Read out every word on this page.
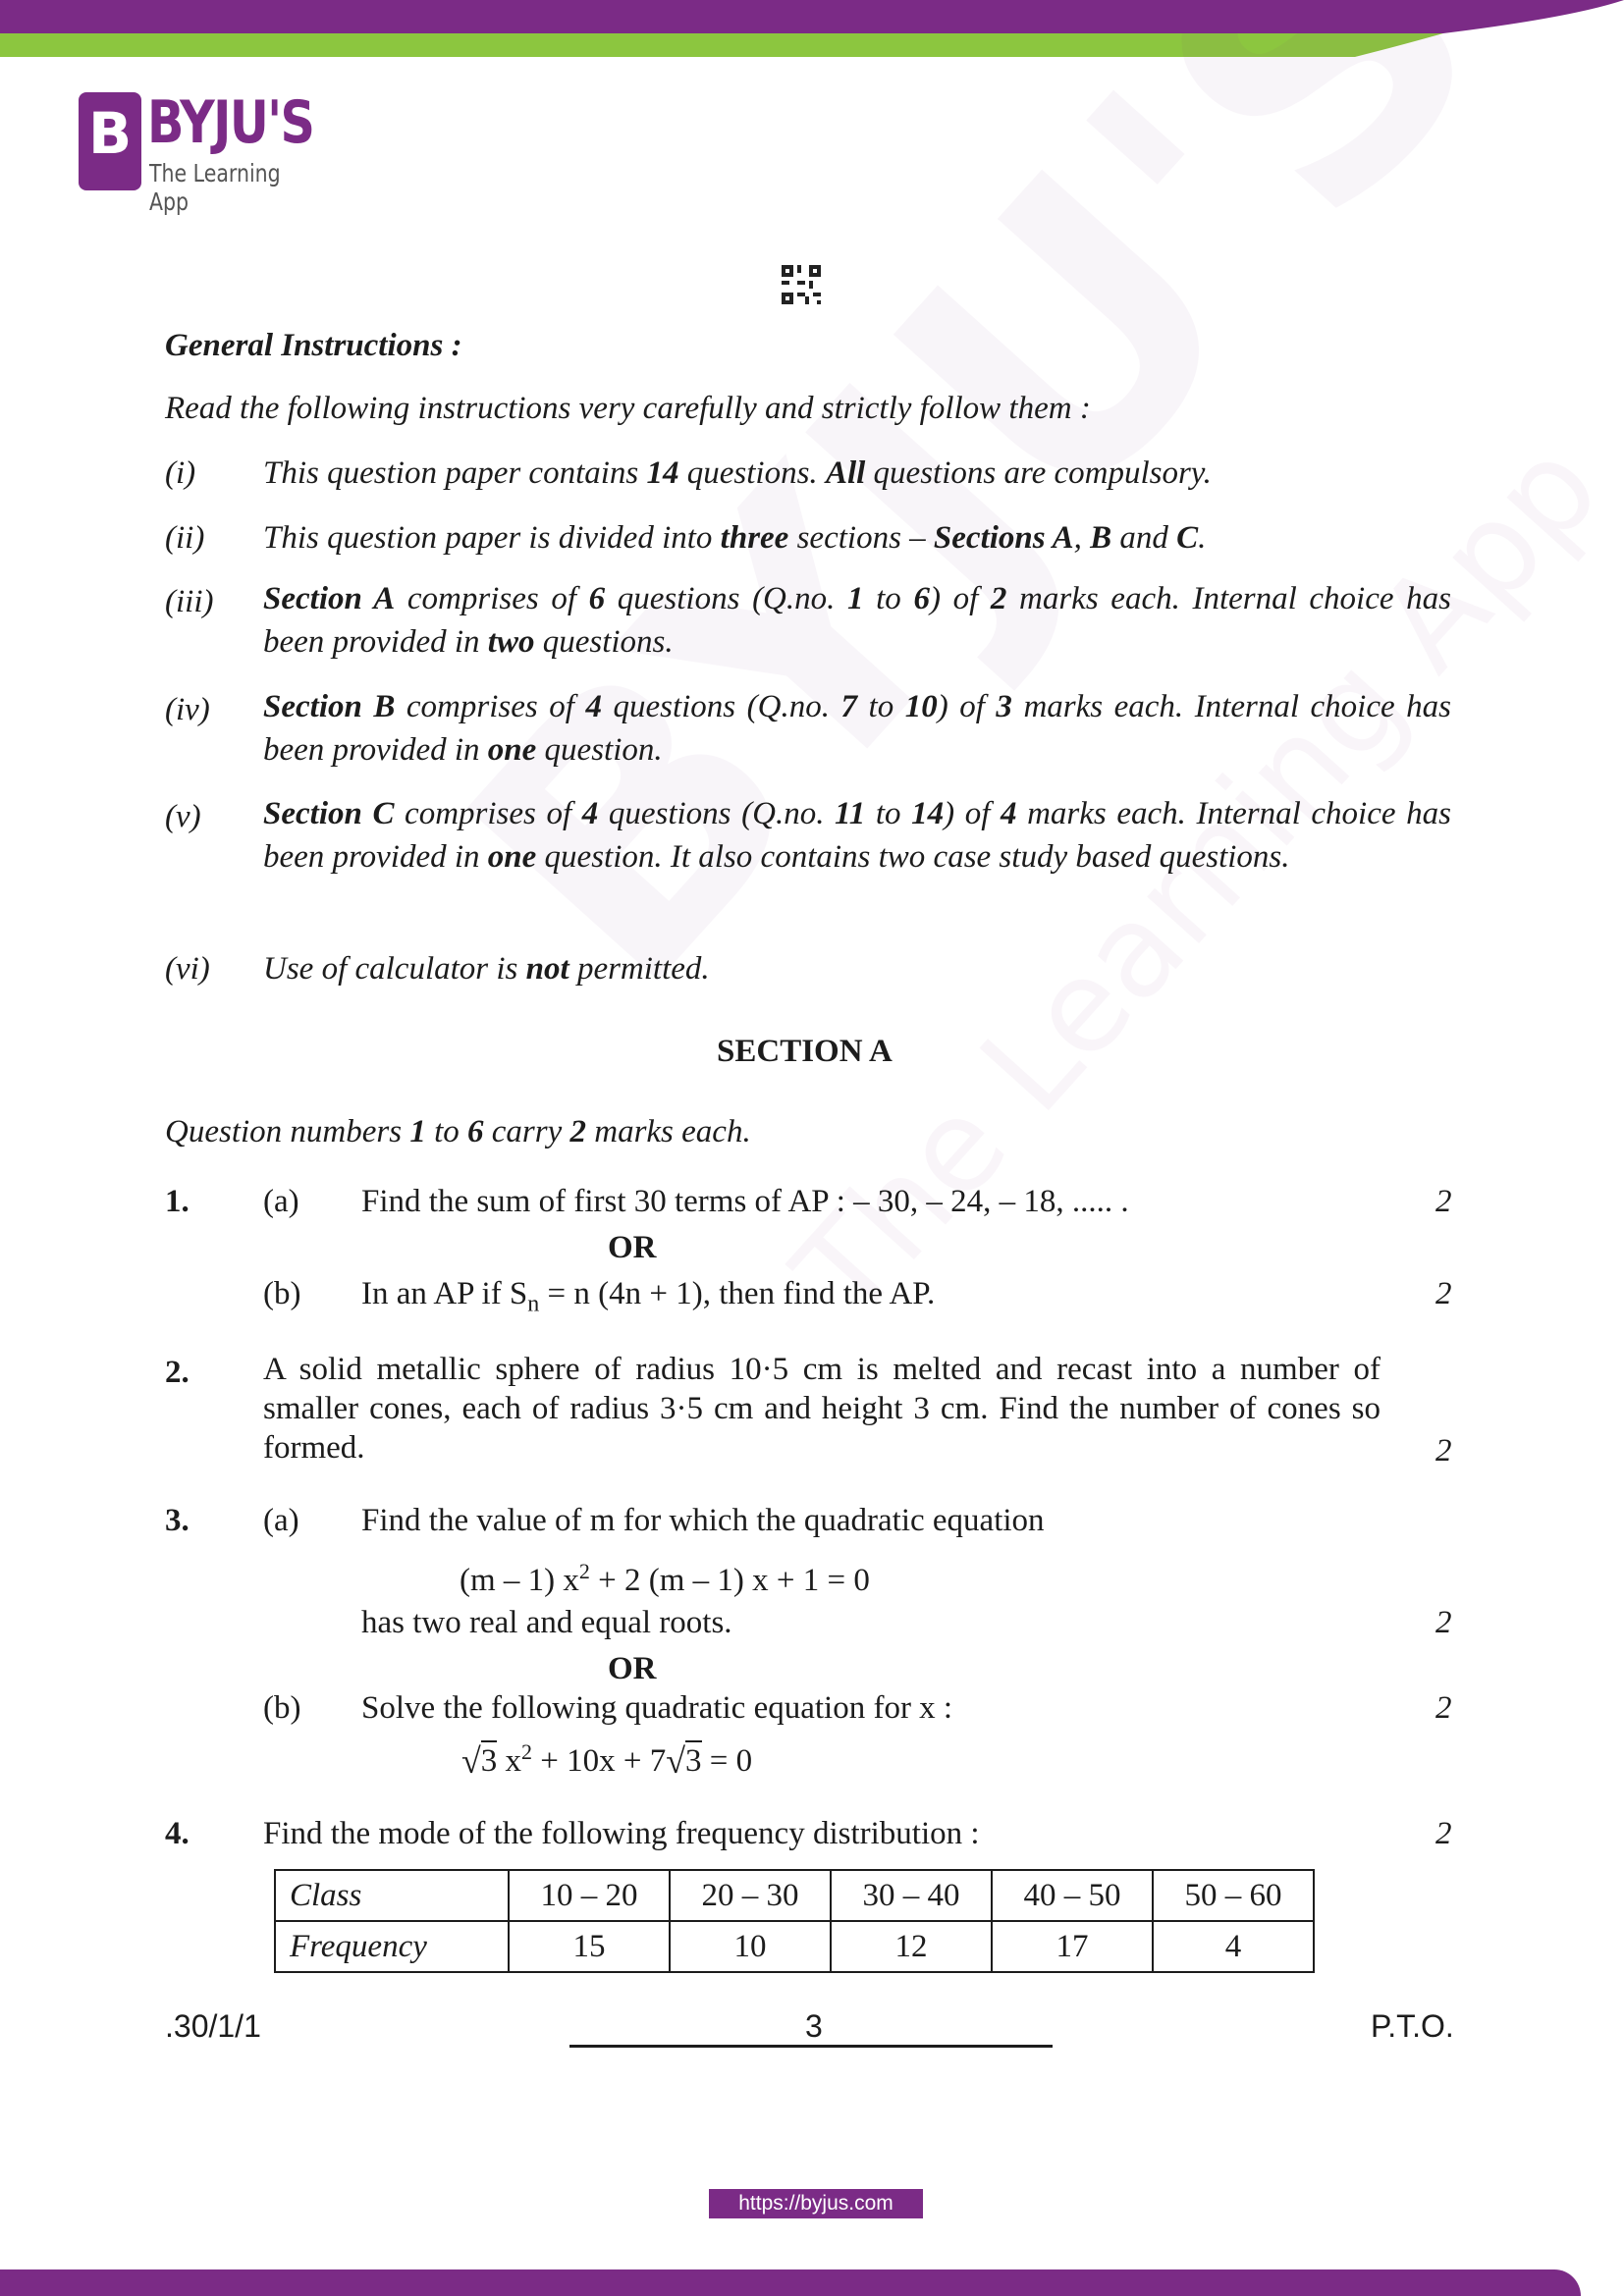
B BYJU'S
The Learning App
General Instructions :
Read the following instructions very carefully and strictly follow them :
(i) This question paper contains 14 questions. All questions are compulsory.
(ii) This question paper is divided into three sections – Sections A, B and C.
(iii) Section A comprises of 6 questions (Q.no. 1 to 6) of 2 marks each. Internal choice has been provided in two questions.
(iv) Section B comprises of 4 questions (Q.no. 7 to 10) of 3 marks each. Internal choice has been provided in one question.
(v) Section C comprises of 4 questions (Q.no. 11 to 14) of 4 marks each. Internal choice has been provided in one question. It also contains two case study based questions.
(vi) Use of calculator is not permitted.
SECTION A
Question numbers 1 to 6 carry 2 marks each.
1. (a) Find the sum of first 30 terms of AP : – 30, – 24, – 18, ..... .	2
OR
(b) In an AP if $S_n = n$ (4n + 1), then find the AP.	2
2. A solid metallic sphere of radius 10·5 cm is melted and recast into a number of smaller cones, each of radius 3·5 cm and height 3 cm. Find the number of cones so formed.	2
3. (a) Find the value of m for which the quadratic equation
(m – 1) $x^2 + 2$ (m – 1) x + 1 = 0
has two real and equal roots.	2
OR
(b) Solve the following quadratic equation for x :	2
√3 $x^2 + 10x + 7√3 = 0$
4. Find the mode of the following frequency distribution :	2
Class	10 – 20	20 – 30	30 – 40	40 – 50	50 – 60
Frequency	15	10	12	17	4
.30/1/1	3	P.T.O.
https://byjus.com
